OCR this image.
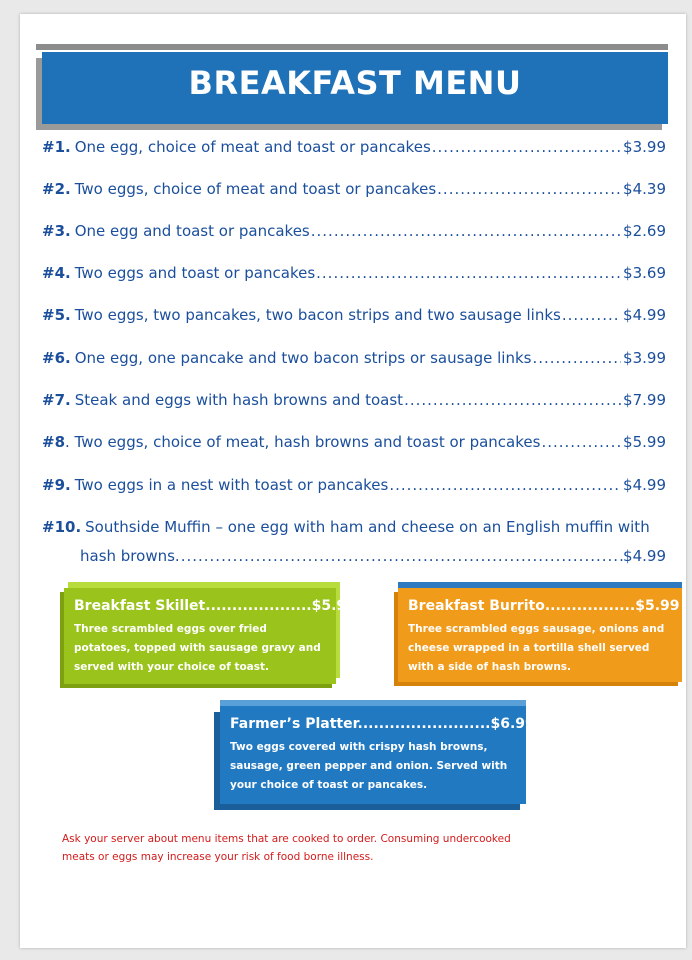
BREAKFAST MENU
#1. One egg, choice of meat and toast or pancakes .....	$3.99
#2. Two eggs, choice of meat and toast or pancakes .....	$4.39
#3. One egg and toast or pancakes .....	$2.69
#4. Two eggs and toast or pancakes .....	$3.69
#5. Two eggs, two pancakes, two bacon strips and two sausage links .....	$4.99
#6. One egg, one pancake and two bacon strips or sausage links .....	$3.99
#7. Steak and eggs with hash browns and toast .....	$7.99
#8 . Two eggs, choice of meat, hash browns and toast or pancakes .....	$5.99
#9. Two eggs in a nest with toast or pancakes .....	$4.99
#10. Southside Muffin – one egg with ham and cheese on an English muffin with
hash browns .....	$4.99
Breakfast Skillet....................$5.99
Three scrambled eggs over fried potatoes, topped with sausage gravy and served with your choice of toast.
Breakfast Burrito.................$5.99
Three scrambled eggs sausage, onions and cheese wrapped in a tortilla shell served with a side of hash browns.
Farmer’s Platter.........................$6.99
Two eggs covered with crispy hash browns, sausage, green pepper and onion. Served with your choice of toast or pancakes.
Ask your server about menu items that are cooked to order. Consuming undercooked meats or eggs may increase your risk of food borne illness.
